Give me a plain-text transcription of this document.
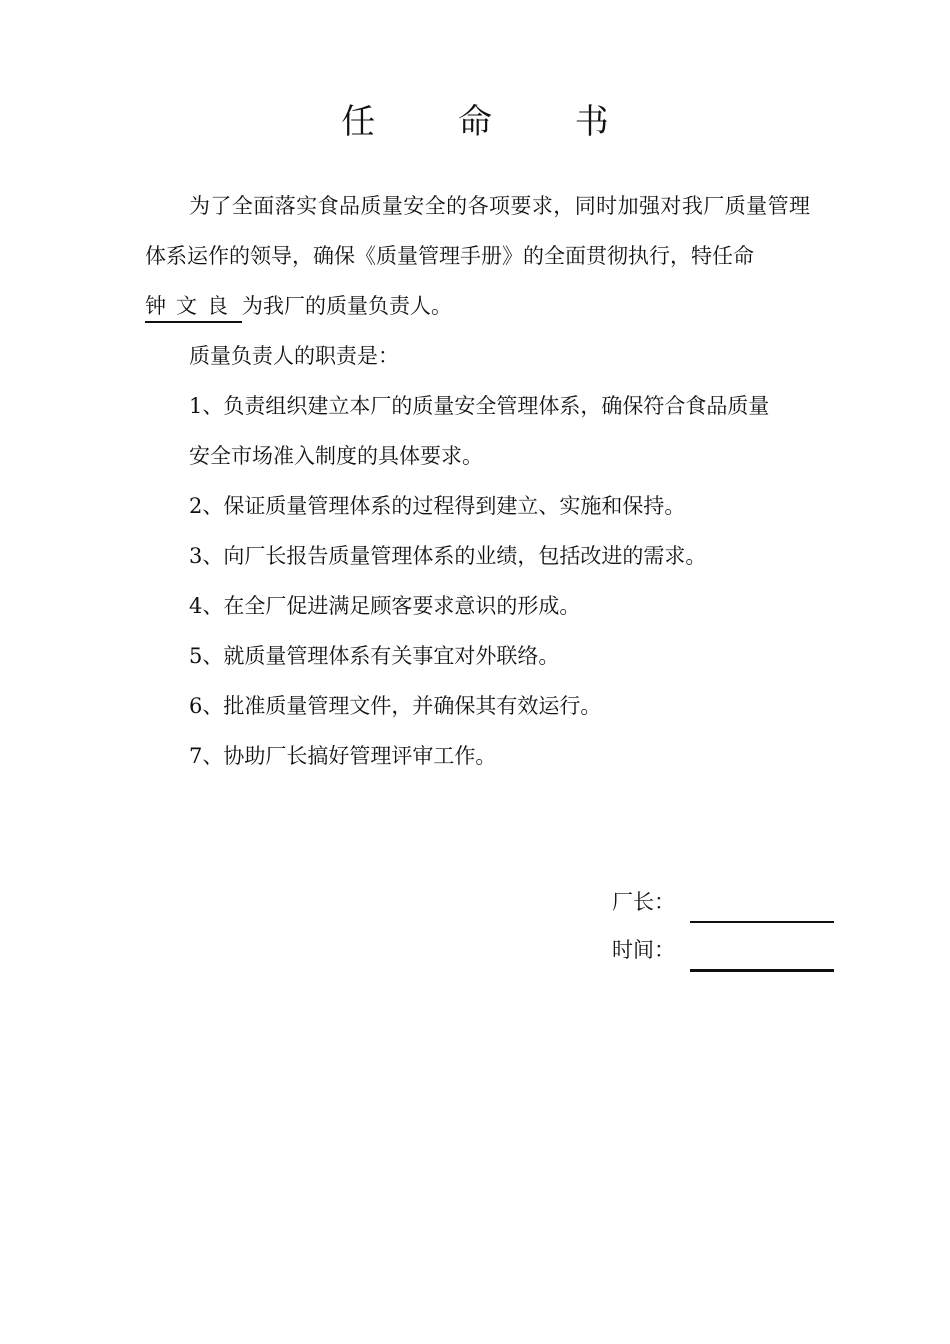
任 命 书
为了全面落实食品质量安全的各项要求，同时加强对我厂质量管理体系运作的领导，确保《质量管理手册》的全面贯彻执行，特任命
钟文良 为我厂的质量负责人。

质量负责人的职责是：

1、负责组织建立本厂的质量安全管理体系，确保符合食品质量

安全市场准入制度的具体要求。

2、保证质量管理体系的过程得到建立、实施和保持。

3、向厂长报告质量管理体系的业绩，包括改进的需求。

4、在全厂促进满足顾客要求意识的形成。

5、就质量管理体系有关事宜对外联络。

6、批准质量管理文件，并确保其有效运行。

7、协助厂长搞好管理评审工作。

厂长：
时间：
